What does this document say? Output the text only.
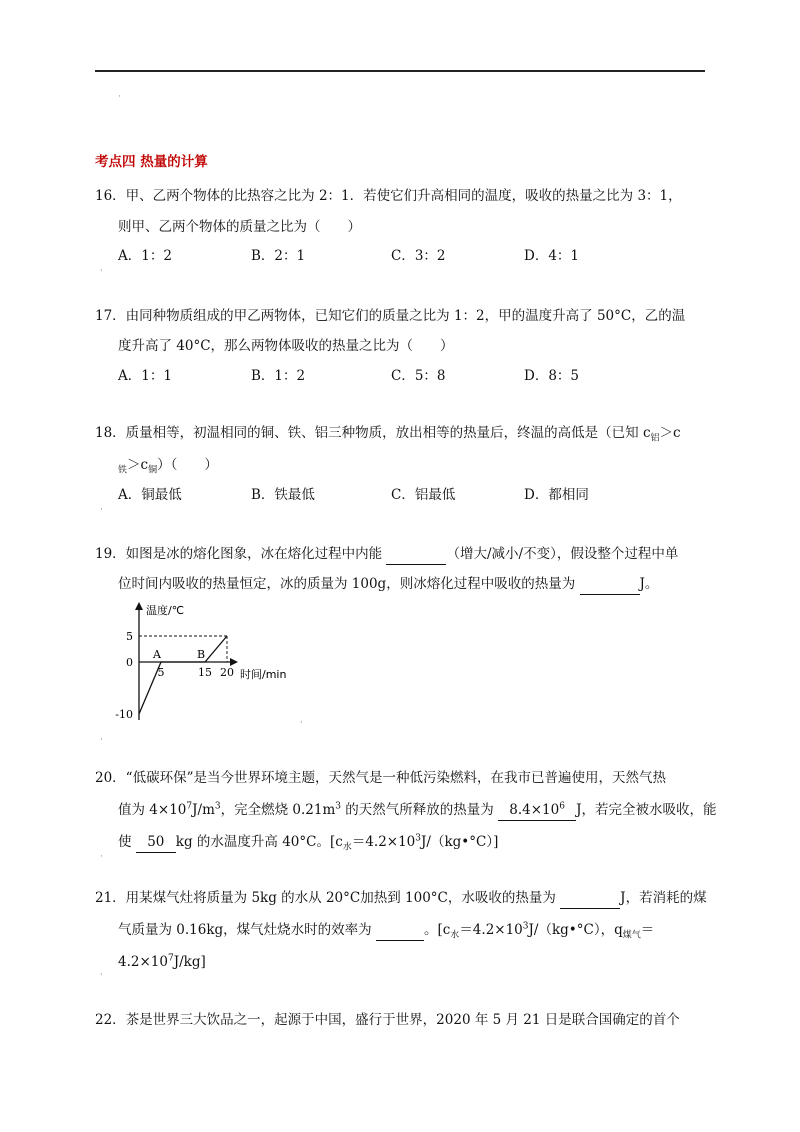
·
考点四 热量的计算
16．甲、乙两个物体的比热容之比为 2：1．若使它们升高相同的温度，吸收的热量之比为 3：1，
则甲、乙两个物体的质量之比为（　　）
A．1：2	B．2：1	C．3：2	D．4：1
·
17．由同种物质组成的甲乙两物体，已知它们的质量之比为 1：2，甲的温度升高了 50°C，乙的温
度升高了 40°C，那么两物体吸收的热量之比为（　　）
A．1：1	B．1：2	C．5：8	D．8：5
18．质量相等，初温相同的铜、铁、铝三种物质，放出相等的热量后，终温的高低是（已知 $c_铝>c$
$_铁>c_铜$）（　　）
A．铜最低	B．铁最低	C．铝最低	D．都相同
·
19．如图是冰的熔化图象，冰在熔化过程中内能	（增大/减小/不变），假设整个过程中单
位时间内吸收的热量恒定，冰的质量为 100g，则冰熔化过程中吸收的热量为	J。
5
0
-10
5	15 20
A	B
温度/℃
时间/min
·
·
20．“低碳环保”是当今世界环境主题，天然气是一种低污染燃料，在我市已普遍使用，天然气热
值为 $4\times 10^7J/m^3$，完全燃烧 $0.21m^3$ 的天然气所释放的热量为 $8.4\times 10^6$ J，若完全被水吸收，能
使 50 kg 的水温度升高 40°C。$[c_水=4.2\times 10^3J/(kg•^\circ C)]$
·
21．用某煤气灶将质量为 5kg 的水从 20°C加热到 100°C，水吸收的热量为	J，若消耗的煤
气质量为 0.16kg，煤气灶烧水时的效率为	。[$c_水=4.2\times 10^3J/(kg•^\circ C)$，$q_{煤气}=$
$4.2\times 10^7J/kg$]
·
22．茶是世界三大饮品之一，起源于中国，盛行于世界，2020 年 5 月 21 日是联合国确定的首个
